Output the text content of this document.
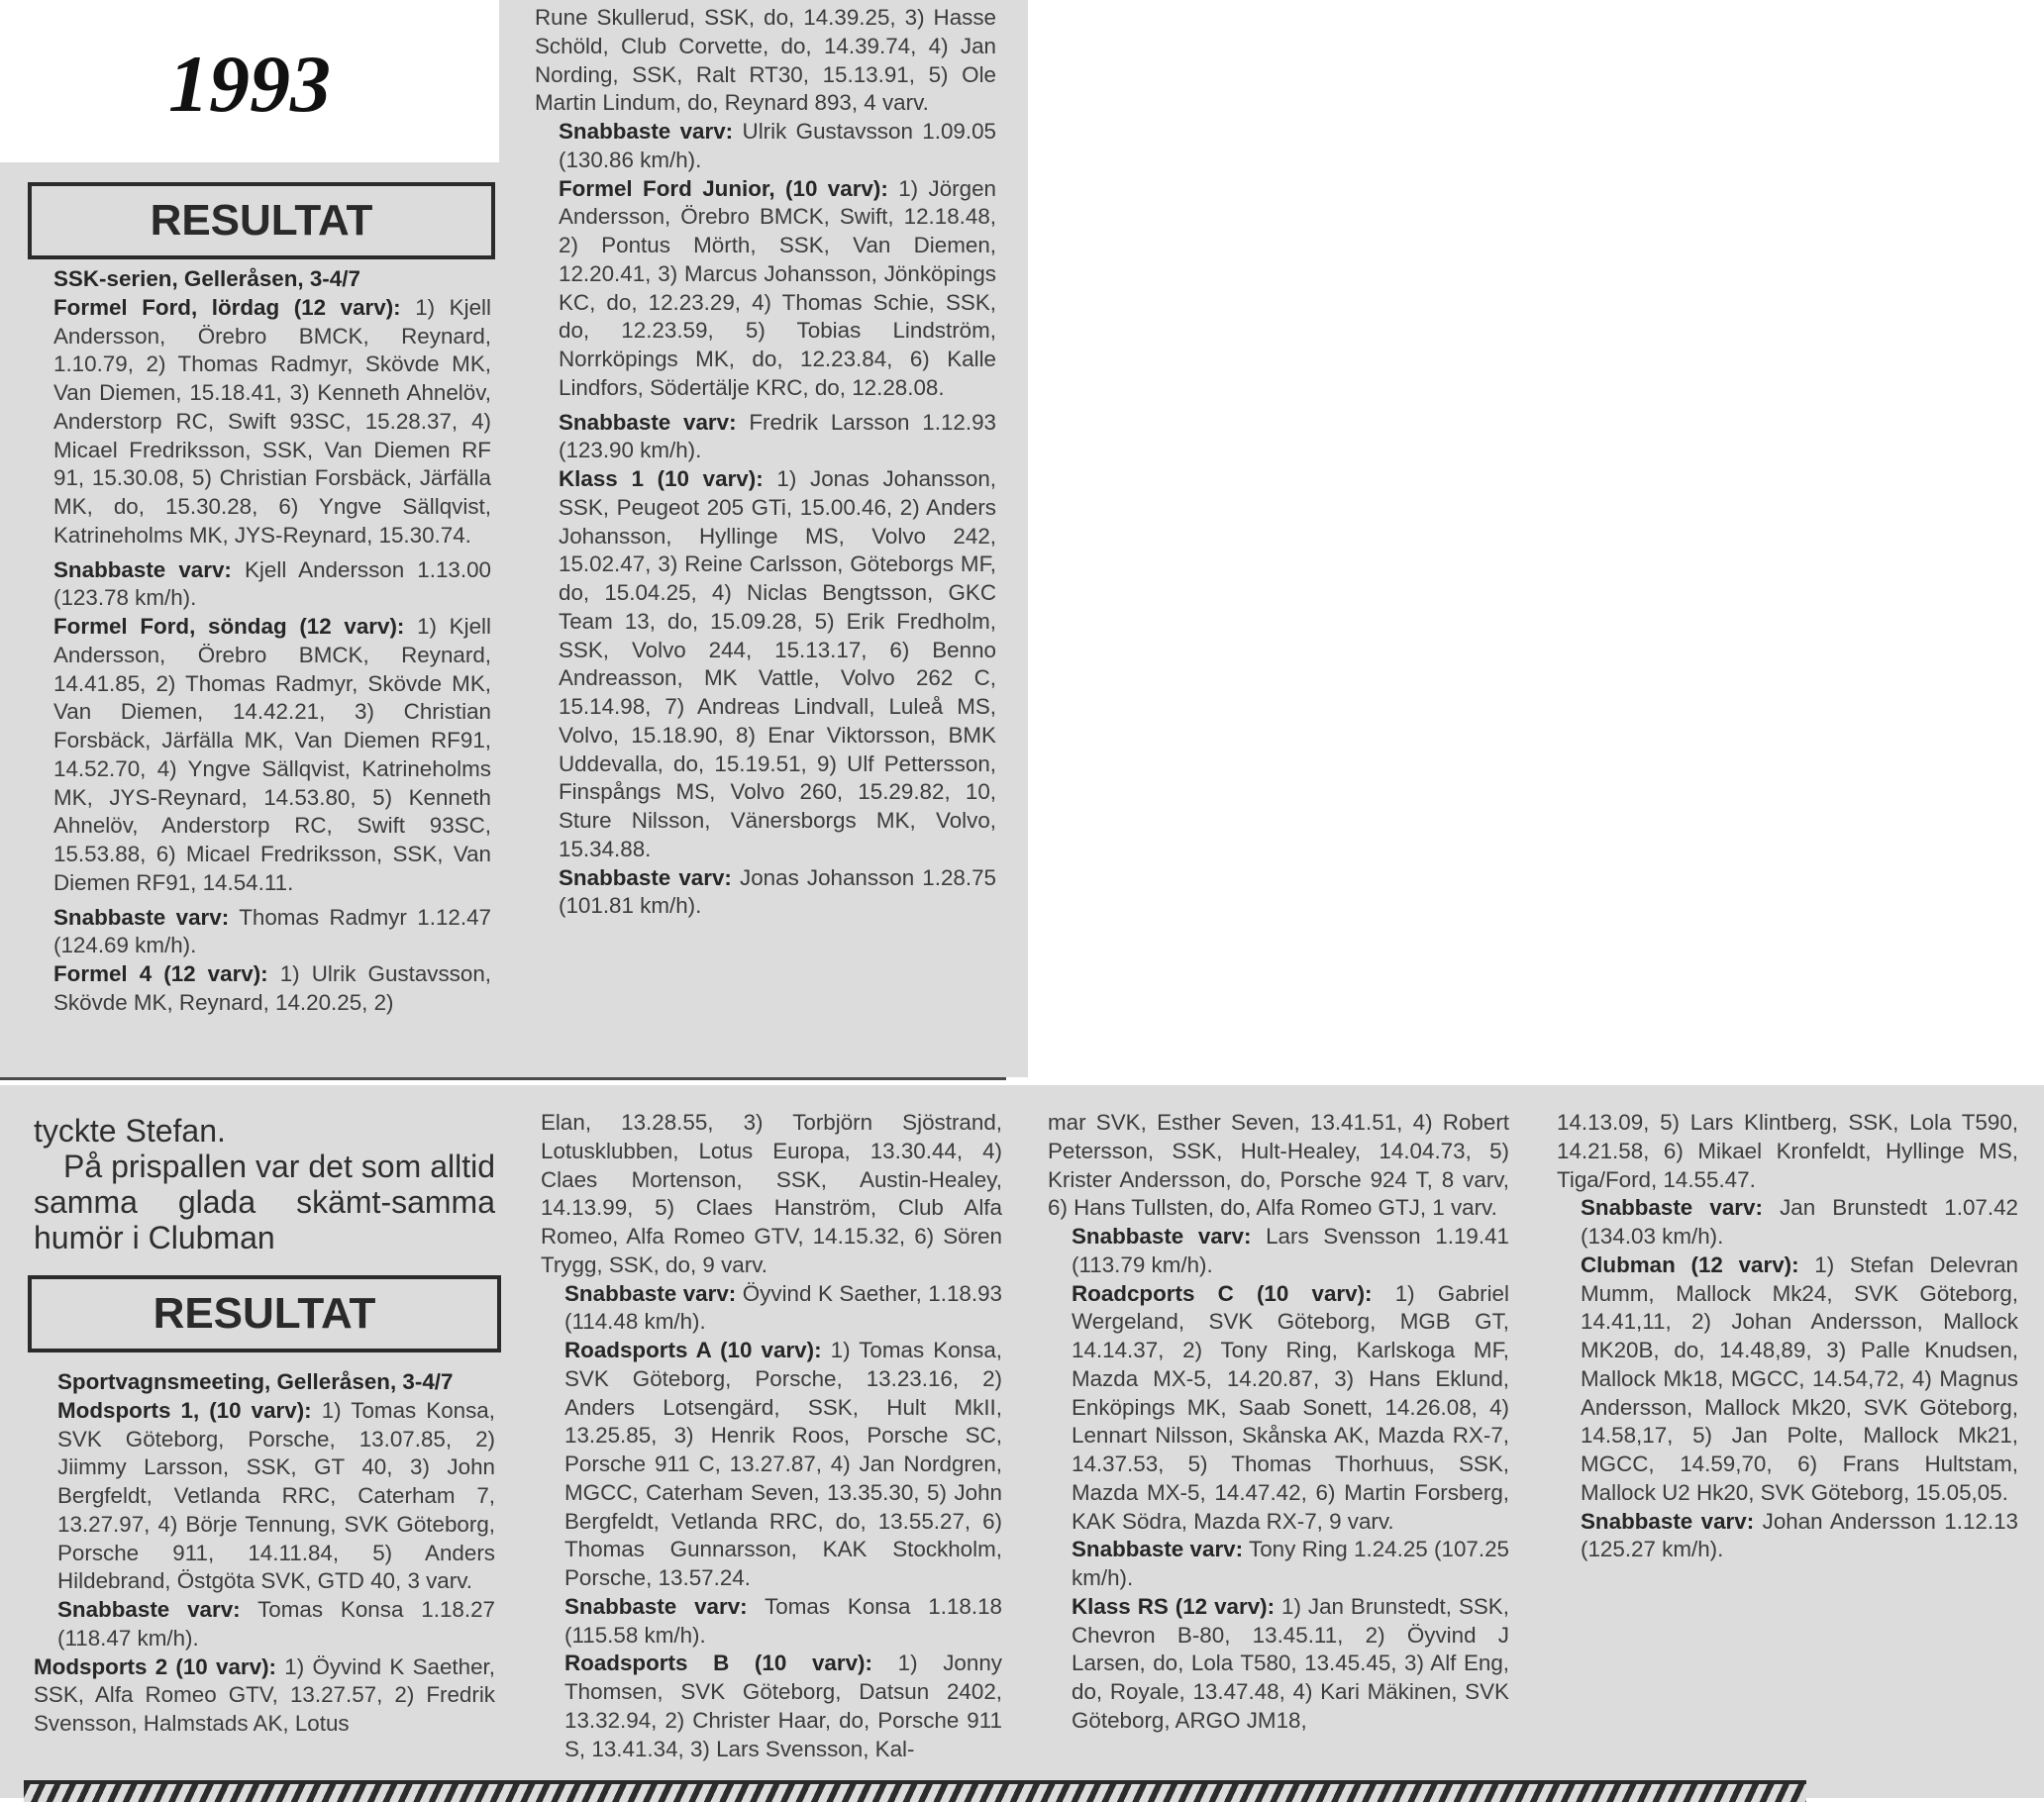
1993
RESULTAT

SSK-serien, Gelleråsen, 3-4/7

Formel Ford, lördag (12 varv): 1) Kjell Andersson, Örebro BMCK, Reynard, 1.10.79, 2) Thomas Radmyr, Skövde MK, Van Diemen, 15.18.41, 3) Kenneth Ahnelöv, Anderstorp RC, Swift 93SC, 15.28.37, 4) Micael Fredriksson, SSK, Van Diemen RF 91, 15.30.08, 5) Christian Forsbäck, Järfälla MK, do, 15.30.28, 6) Yngve Sällqvist, Katrineholms MK, JYS-Reynard, 15.30.74.

Snabbaste varv: Kjell Andersson 1.13.00 (123.78 km/h).

Formel Ford, söndag (12 varv): 1) Kjell Andersson, Örebro BMCK, Reynard, 14.41.85, 2) Thomas Radmyr, Skövde MK, Van Diemen, 14.42.21, 3) Christian Forsbäck, Järfälla MK, Van Diemen RF91, 14.52.70, 4) Yngve Sällqvist, Katrineholms MK, JYS-Reynard, 14.53.80, 5) Kenneth Ahnelöv, Anderstorp RC, Swift 93SC, 15.53.88, 6) Micael Fredriksson, SSK, Van Diemen RF91, 14.54.11.

Snabbaste varv: Thomas Radmyr 1.12.47 (124.69 km/h).

Formel 4 (12 varv): 1) Ulrik Gustavsson, Skövde MK, Reynard, 14.20.25, 2)

Rune Skullerud, SSK, do, 14.39.25, 3) Hasse Schöld, Club Corvette, do, 14.39.74, 4) Jan Nording, SSK, Ralt RT30, 15.13.91, 5) Ole Martin Lindum, do, Reynard 893, 4 varv.

Snabbaste varv: Ulrik Gustavsson 1.09.05 (130.86 km/h).

Formel Ford Junior, (10 varv): 1) Jörgen Andersson, Örebro BMCK, Swift, 12.18.48, 2) Pontus Mörth, SSK, Van Diemen, 12.20.41, 3) Marcus Johansson, Jönköpings KC, do, 12.23.29, 4) Thomas Schie, SSK, do, 12.23.59, 5) Tobias Lindström, Norrköpings MK, do, 12.23.84, 6) Kalle Lindfors, Södertälje KRC, do, 12.28.08.

Snabbaste varv: Fredrik Larsson 1.12.93 (123.90 km/h).

Klass 1 (10 varv): 1) Jonas Johansson, SSK, Peugeot 205 GTi, 15.00.46, 2) Anders Johansson, Hyllinge MS, Volvo 242, 15.02.47, 3) Reine Carlsson, Göteborgs MF, do, 15.04.25, 4) Niclas Bengtsson, GKC Team 13, do, 15.09.28, 5) Erik Fredholm, SSK, Volvo 244, 15.13.17, 6) Benno Andreasson, MK Vattle, Volvo 262 C, 15.14.98, 7) Andreas Lindvall, Luleå MS, Volvo, 15.18.90, 8) Enar Viktorsson, BMK Uddevalla, do, 15.19.51, 9) Ulf Pettersson, Finspångs MS, Volvo 260, 15.29.82, 10, Sture Nilsson, Vänersborgs MK, Volvo, 15.34.88.

Snabbaste varv: Jonas Johansson 1.28.75 (101.81 km/h).

tyckte Stefan.
På prispallen var det som alltid samma glada skämt-samma humör i Clubman
RESULTAT

Sportvagnsmeeting, Gelleråsen, 3-4/7

Modsports 1, (10 varv): 1) Tomas Konsa, SVK Göteborg, Porsche, 13.07.85, 2) Jiimmy Larsson, SSK, GT 40, 3) John Bergfeldt, Vetlanda RRC, Caterham 7, 13.27.97, 4) Börje Tennung, SVK Göteborg, Porsche 911, 14.11.84, 5) Anders Hildebrand, Östgöta SVK, GTD 40, 3 varv.

Snabbaste varv: Tomas Konsa 1.18.27 (118.47 km/h).

Modsports 2 (10 varv): 1) Öyvind K Saether, SSK, Alfa Romeo GTV, 13.27.57, 2) Fredrik Svensson, Halmstads AK, Lotus

Elan, 13.28.55, 3) Torbjörn Sjöstrand, Lotusklubben, Lotus Europa, 13.30.44, 4) Claes Mortenson, SSK, Austin-Healey, 14.13.99, 5) Claes Hanström, Club Alfa Romeo, Alfa Romeo GTV, 14.15.32, 6) Sören Trygg, SSK, do, 9 varv.

Snabbaste varv: Öyvind K Saether, 1.18.93 (114.48 km/h).

Roadsports A (10 varv): 1) Tomas Konsa, SVK Göteborg, Porsche, 13.23.16, 2) Anders Lotsengärd, SSK, Hult MkII, 13.25.85, 3) Henrik Roos, Porsche SC, Porsche 911 C, 13.27.87, 4) Jan Nordgren, MGCC, Caterham Seven, 13.35.30, 5) John Bergfeldt, Vetlanda RRC, do, 13.55.27, 6) Thomas Gunnarsson, KAK Stockholm, Porsche, 13.57.24.

Snabbaste varv: Tomas Konsa 1.18.18 (115.58 km/h).

Roadsports B (10 varv): 1) Jonny Thomsen, SVK Göteborg, Datsun 2402, 13.32.94, 2) Christer Haar, do, Porsche 911 S, 13.41.34, 3) Lars Svensson, Kal-

mar SVK, Esther Seven, 13.41.51, 4) Robert Petersson, SSK, Hult-Healey, 14.04.73, 5) Krister Andersson, do, Porsche 924 T, 8 varv, 6) Hans Tullsten, do, Alfa Romeo GTJ, 1 varv.

Snabbaste varv: Lars Svensson 1.19.41 (113.79 km/h).

Roadcports C (10 varv): 1) Gabriel Wergeland, SVK Göteborg, MGB GT, 14.14.37, 2) Tony Ring, Karlskoga MF, Mazda MX-5, 14.20.87, 3) Hans Eklund, Enköpings MK, Saab Sonett, 14.26.08, 4) Lennart Nilsson, Skånska AK, Mazda RX-7, 14.37.53, 5) Thomas Thorhuus, SSK, Mazda MX-5, 14.47.42, 6) Martin Forsberg, KAK Södra, Mazda RX-7, 9 varv.

Snabbaste varv: Tony Ring 1.24.25 (107.25 km/h).

Klass RS (12 varv): 1) Jan Brunstedt, SSK, Chevron B-80, 13.45.11, 2) Öyvind J Larsen, do, Lola T580, 13.45.45, 3) Alf Eng, do, Royale, 13.47.48, 4) Kari Mäkinen, SVK Göteborg, ARGO JM18,

14.13.09, 5) Lars Klintberg, SSK, Lola T590, 14.21.58, 6) Mikael Kronfeldt, Hyllinge MS, Tiga/Ford, 14.55.47.

Snabbaste varv: Jan Brunstedt 1.07.42 (134.03 km/h).

Clubman (12 varv): 1) Stefan Delevran Mumm, Mallock Mk24, SVK Göteborg, 14.41,11, 2) Johan Andersson, Mallock MK20B, do, 14.48,89, 3) Palle Knudsen, Mallock Mk18, MGCC, 14.54,72, 4) Magnus Andersson, Mallock Mk20, SVK Göteborg, 14.58,17, 5) Jan Polte, Mallock Mk21, MGCC, 14.59,70, 6) Frans Hultstam, Mallock U2 Hk20, SVK Göteborg, 15.05,05.

Snabbaste varv: Johan Andersson 1.12.13 (125.27 km/h).
